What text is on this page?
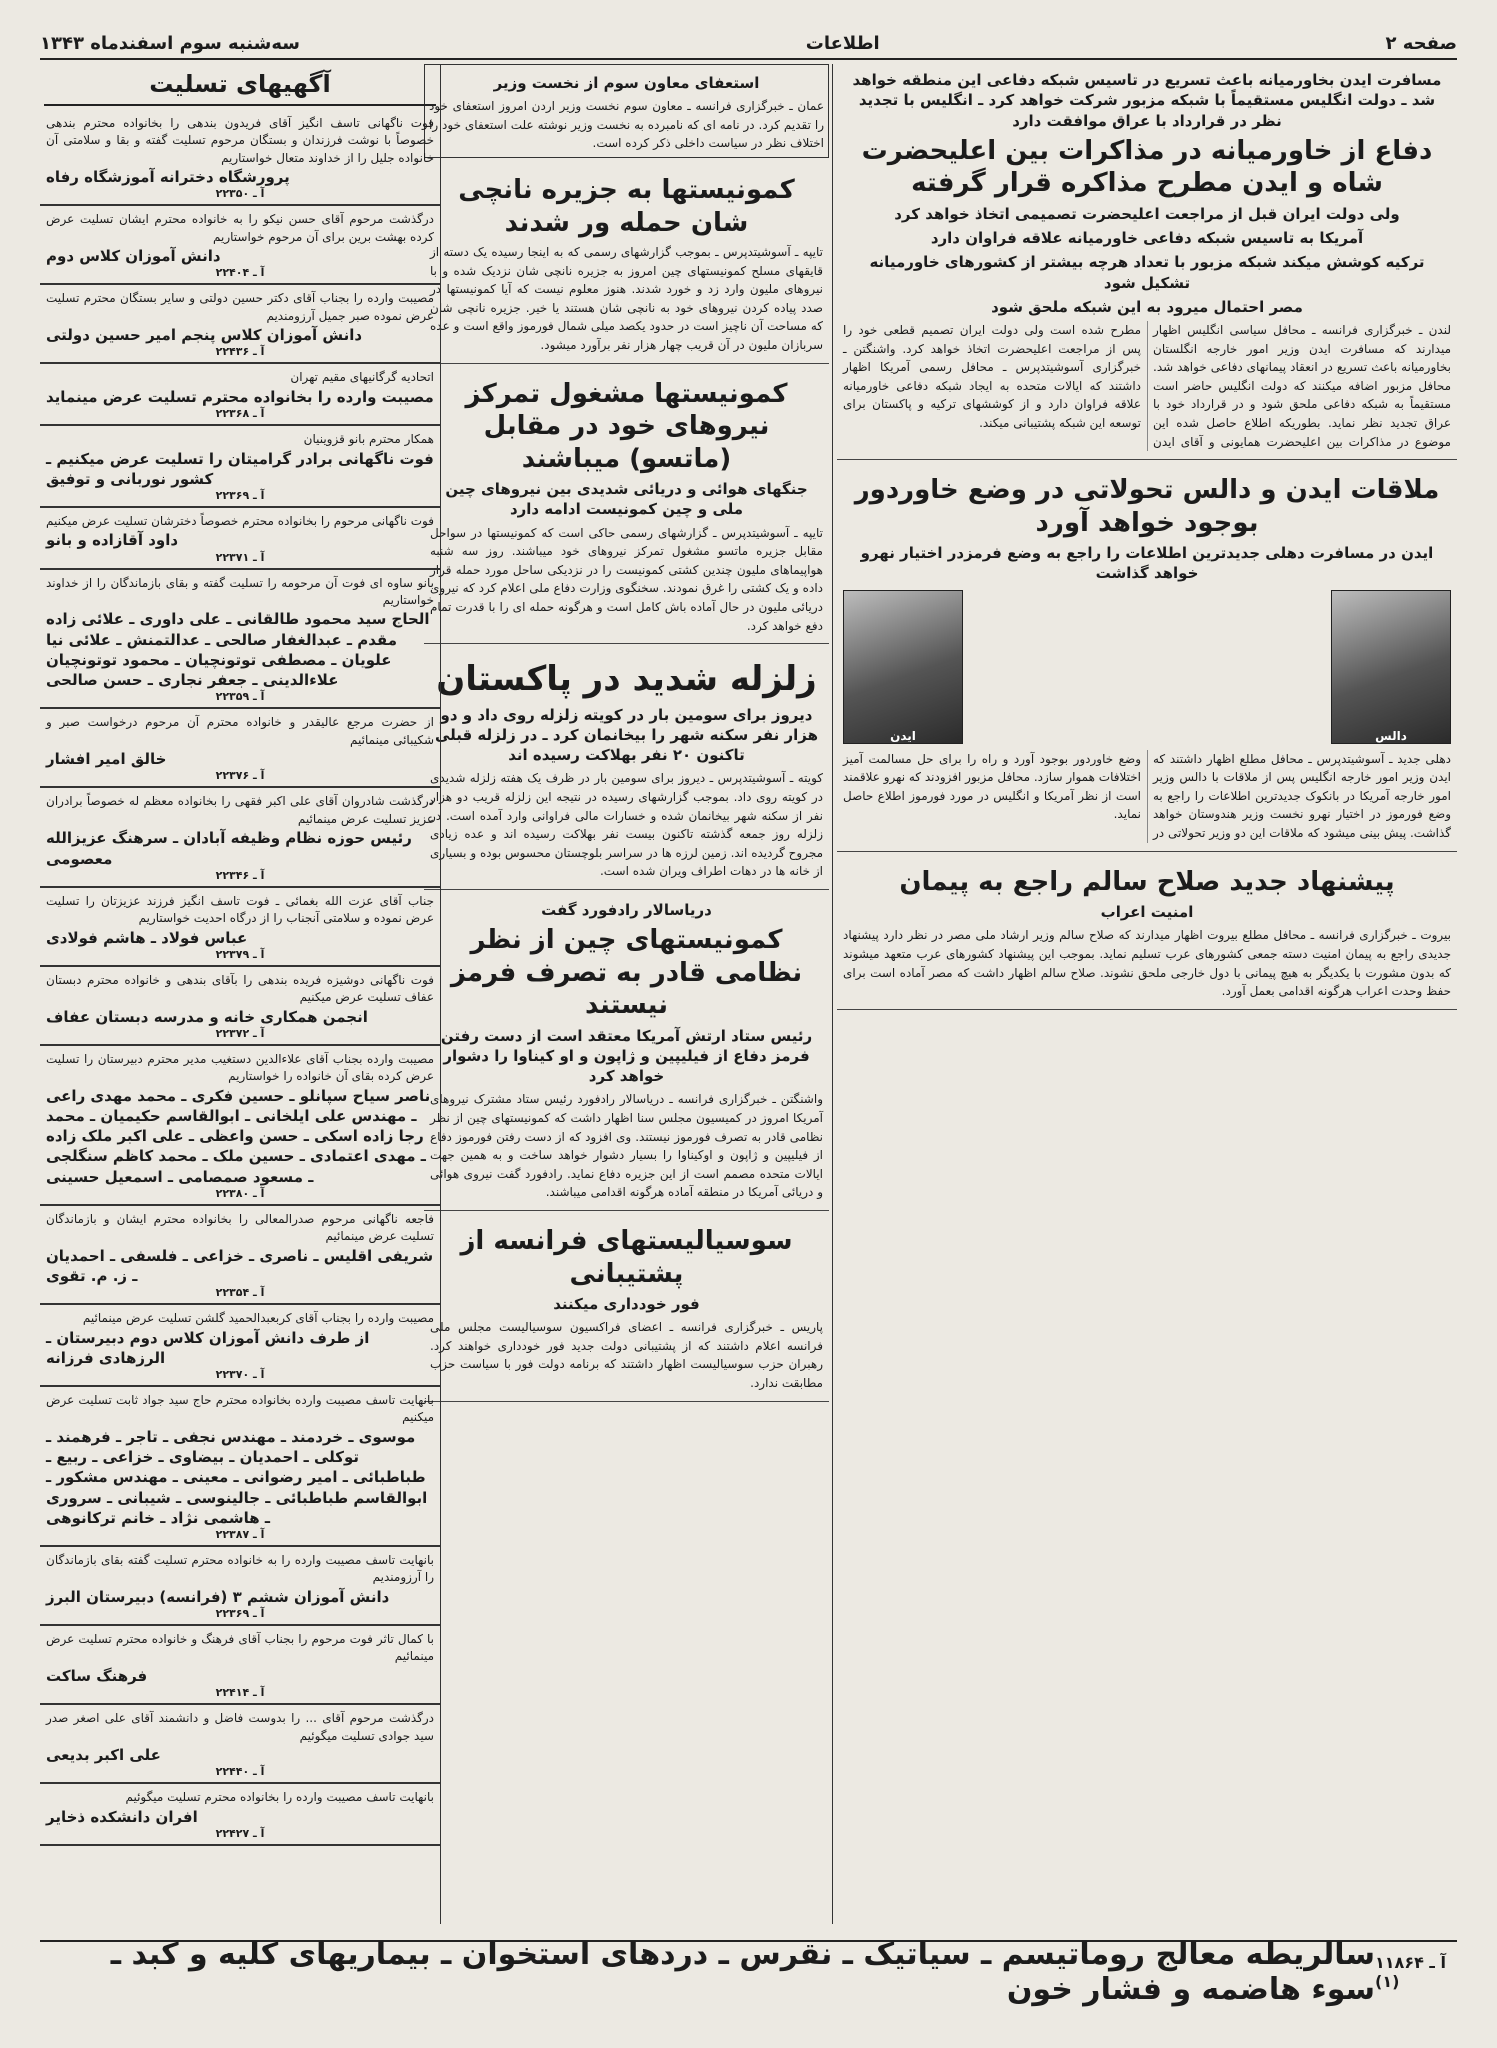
صفحه ۲
اطلاعات
سه‌شنبه سوم اسفندماه ۱۳۴۳
مسافرت ایدن بخاورمیانه باعث تسریع در تاسیس شبکه دفاعی این منطقه خواهد شد ـ دولت انگلیس مستقیماً با شبکه مزبور شرکت خواهد کرد ـ انگلیس با تجدید نظر در قرارداد با عراق موافقت دارد
دفاع از خاورمیانه در مذاکرات بین اعلیحضرت شاه و ایدن مطرح مذاکره قرار گرفته
ولی دولت ایران قبل از مراجعت اعلیحضرت تصمیمی اتخاذ خواهد کرد
آمریکا به تاسیس شبکه دفاعی خاورمیانه علاقه فراوان دارد
ترکیه کوشش میکند شبکه مزبور با تعداد هرچه بیشتر از کشورهای خاورمیانه تشکیل شود
مصر احتمال میرود به این شبکه ملحق شود
لندن ـ خبرگزاری فرانسه ـ محافل سیاسی انگلیس اظهار میدارند که مسافرت ایدن وزیر امور خارجه انگلستان بخاورمیانه باعث تسریع در انعقاد پیمانهای دفاعی خواهد شد. محافل مزبور اضافه میکنند که دولت انگلیس حاضر است مستقیماً به شبکه دفاعی ملحق شود و در قرارداد خود با عراق تجدید نظر نماید. بطوریکه اطلاع حاصل شده این موضوع در مذاکرات بین اعلیحضرت همایونی و آقای ایدن مطرح شده است ولی دولت ایران تصمیم قطعی خود را پس از مراجعت اعلیحضرت اتخاذ خواهد کرد. واشنگتن ـ خبرگزاری آسوشیتدپرس ـ محافل رسمی آمریکا اظهار داشتند که ایالات متحده به ایجاد شبکه دفاعی خاورمیانه علاقه فراوان دارد و از کوششهای ترکیه و پاکستان برای توسعه این شبکه پشتیبانی میکند.
ملاقات ایدن و دالس تحولاتی در وضع خاوردور بوجود خواهد آورد
ایدن در مسافرت دهلی جدیدترین اطلاعات را راجع به وضع فرمزدر اختیار نهرو خواهد گذاشت
دالس
ایدن
دهلی جدید ـ آسوشیتدپرس ـ محافل مطلع اظهار داشتند که ایدن وزیر امور خارجه انگلیس پس از ملاقات با دالس وزیر امور خارجه آمریکا در بانکوک جدیدترین اطلاعات را راجع به وضع فورموز در اختیار نهرو نخست وزیر هندوستان خواهد گذاشت. پیش بینی میشود که ملاقات این دو وزیر تحولاتی در وضع خاوردور بوجود آورد و راه را برای حل مسالمت آمیز اختلافات هموار سازد. محافل مزبور افزودند که نهرو علاقمند است از نظر آمریکا و انگلیس در مورد فورموز اطلاع حاصل نماید.
پیشنهاد جدید صلاح سالم راجع به پیمان
امنیت اعراب
بیروت ـ خبرگزاری فرانسه ـ محافل مطلع بیروت اظهار میدارند که صلاح سالم وزیر ارشاد ملی مصر در نظر دارد پیشنهاد جدیدی راجع به پیمان امنیت دسته جمعی کشورهای عرب تسلیم نماید. بموجب این پیشنهاد کشورهای عرب متعهد میشوند که بدون مشورت با یکدیگر به هیچ پیمانی با دول خارجی ملحق نشوند. صلاح سالم اظهار داشت که مصر آماده است برای حفظ وحدت اعراب هرگونه اقدامی بعمل آورد.
استعفای معاون سوم از نخست وزیر
عمان ـ خبرگزاری فرانسه ـ معاون سوم نخست وزیر اردن امروز استعفای خود را تقدیم کرد. در نامه ای که نامبرده به نخست وزیر نوشته علت استعفای خود را اختلاف نظر در سیاست داخلی ذکر کرده است.
کمونیستها به جزیره نانچی شان حمله ور شدند
تایپه ـ آسوشیتدپرس ـ بموجب گزارشهای رسمی که به اینجا رسیده یک دسته از قایقهای مسلح کمونیستهای چین امروز به جزیره نانچی شان نزدیک شده و با نیروهای ملیون وارد زد و خورد شدند. هنوز معلوم نیست که آیا کمونیستها در صدد پیاده کردن نیروهای خود به نانچی شان هستند یا خیر. جزیره نانچی شان که مساحت آن ناچیز است در حدود یکصد میلی شمال فورموز واقع است و عده سربازان ملیون در آن قریب چهار هزار نفر برآورد میشود.
کمونیستها مشغول تمرکز نیروهای خود در مقابل (ماتسو) میباشند
جنگهای هوائی و دریائی شدیدی بین نیروهای چین ملی و چین کمونیست ادامه دارد
تایپه ـ آسوشیتدپرس ـ گزارشهای رسمی حاکی است که کمونیستها در سواحل مقابل جزیره ماتسو مشغول تمرکز نیروهای خود میباشند. روز سه شنبه هواپیماهای ملیون چندین کشتی کمونیست را در نزدیکی ساحل مورد حمله قرار داده و یک کشتی را غرق نمودند. سخنگوی وزارت دفاع ملی اعلام کرد که نیروی دریائی ملیون در حال آماده باش کامل است و هرگونه حمله ای را با قدرت تمام دفع خواهد کرد.
زلزله شدید در پاکستان
دیروز برای سومین بار در کویته زلزله روی داد و دو هزار نفر سکنه شهر را بیخانمان کرد ـ در زلزله قبلی تاکنون ۲۰ نفر بهلاکت رسیده اند
کویته ـ آسوشیتدپرس ـ دیروز برای سومین بار در ظرف یک هفته زلزله شدیدی در کویته روی داد. بموجب گزارشهای رسیده در نتیجه این زلزله قریب دو هزار نفر از سکنه شهر بیخانمان شده و خسارات مالی فراوانی وارد آمده است. در زلزله روز جمعه گذشته تاکنون بیست نفر بهلاکت رسیده اند و عده زیادی مجروح گردیده اند. زمین لرزه ها در سراسر بلوچستان محسوس بوده و بسیاری از خانه ها در دهات اطراف ویران شده است.
دریاسالار رادفورد گفت
کمونیستهای چین از نظر نظامی قادر به تصرف فرمز نیستند
رئیس ستاد ارتش آمریکا معتقد است از دست رفتن فرمز دفاع از فیلیپین و ژاپون و او کیناوا را دشوار خواهد کرد
واشنگتن ـ خبرگزاری فرانسه ـ دریاسالار رادفورد رئیس ستاد مشترک نیروهای آمریکا امروز در کمیسیون مجلس سنا اظهار داشت که کمونیستهای چین از نظر نظامی قادر به تصرف فورموز نیستند. وی افزود که از دست رفتن فورموز دفاع از فیلیپین و ژاپون و اوکیناوا را بسیار دشوار خواهد ساخت و به همین جهت ایالات متحده مصمم است از این جزیره دفاع نماید. رادفورد گفت نیروی هوائی و دریائی آمریکا در منطقه آماده هرگونه اقدامی میباشند.
سوسیالیستهای فرانسه از پشتیبانی
فور خودداری میکنند
پاریس ـ خبرگزاری فرانسه ـ اعضای فراکسیون سوسیالیست مجلس ملی فرانسه اعلام داشتند که از پشتیبانی دولت جدید فور خودداری خواهند کرد. رهبران حزب سوسیالیست اظهار داشتند که برنامه دولت فور با سیاست حزب مطابقت ندارد.
آگهیهای تسلیت
فوت ناگهانی تاسف انگیز آقای فریدون بندهی را بخانواده محترم بندهی خصوصاً با نوشت فرزندان و بستگان مرحوم تسلیت گفته و بقا و سلامتی آن خانواده جلیل را از خداوند متعال خواستاریم
پرورشگاه دخترانه آموزشگاه رفاه
آ ـ ۲۲۳۵۰
درگذشت مرحوم آقای حسن نیکو را به خانواده محترم ایشان تسلیت عرض کرده بهشت برین برای آن مرحوم خواستاریم
دانش آموزان کلاس دوم
آ ـ ۲۲۴۰۴
مصیبت وارده را بجناب آقای دکتر حسین دولتی و سایر بستگان محترم تسلیت عرض نموده صبر جمیل آرزومندیم
دانش آموزان کلاس پنجم امیر حسین دولتی
آ ـ ۲۲۴۳۶
اتحادیه گرگانیهای مقیم تهران
مصیبت وارده را بخانواده محترم تسلیت عرض مینماید
آ ـ ۲۲۳۶۸
همکار محترم بانو قزوینیان
فوت ناگهانی برادر گرامیتان را تسلیت عرض میکنیم ـ کشور نوربانی و توفیق
آ ـ ۲۲۳۶۹
فوت ناگهانی مرحوم را بخانواده محترم خصوصاً دخترشان تسلیت عرض میکنیم
داود آقازاده و بانو
آ ـ ۲۲۳۷۱
بانو ساوه ای فوت آن مرحومه را تسلیت گفته و بقای بازماندگان را از خداوند خواستاریم
الحاج سید محمود طالقانی ـ علی داوری ـ علائی زاده مقدم ـ عبدالغفار صالحی ـ عدالتمنش ـ علائی نیا علویان ـ مصطفی توتونچیان ـ محمود توتونچیان علاءالدینی ـ جعفر نجاری ـ حسن صالحی
آ ـ ۲۲۳۵۹
از حضرت مرجع عالیقدر و خانواده محترم آن مرحوم درخواست صبر و شکیبائی مینمائیم
خالق امیر افشار
آ ـ ۲۲۳۷۶
درگذشت شادروان آقای علی اکبر فقهی را بخانواده معظم له خصوصاً برادران عزیز تسلیت عرض مینمائیم
رئیس حوزه نظام وظیفه آبادان ـ سرهنگ عزیزالله معصومی
آ ـ ۲۲۳۴۶
جناب آقای عزت الله بغمائی ـ فوت تاسف انگیز فرزند عزیزتان را تسلیت عرض نموده و سلامتی آنجناب را از درگاه احدیت خواستاریم
عباس فولاد ـ هاشم فولادی
آ ـ ۲۲۳۷۹
فوت ناگهانی دوشیزه فریده بندهی را بآقای بندهی و خانواده محترم دبستان عفاف تسلیت عرض میکنیم
انجمن همکاری خانه و مدرسه دبستان عفاف
آ ـ ۲۲۳۷۲
مصیبت وارده بجناب آقای علاءالدین دستغیب مدیر محترم دبیرستان را تسلیت عرض کرده بقای آن خانواده را خواستاریم
ناصر سیاح سپانلو ـ حسین فکری ـ محمد مهدی راعی ـ مهندس علی ایلخانی ـ ابوالقاسم حکیمیان ـ محمد رجا زاده اسکی ـ حسن واعظی ـ علی اکبر ملک زاده ـ مهدی اعتمادی ـ حسین ملک ـ محمد کاظم سنگلجی ـ مسعود صمصامی ـ اسمعیل حسینی
آ ـ ۲۲۳۸۰
فاجعه ناگهانی مرحوم صدرالمعالی را بخانواده محترم ایشان و بازماندگان تسلیت عرض مینمائیم
شریفی اقلیس ـ ناصری ـ خزاعی ـ فلسفی ـ احمدیان ـ ز. م. تقوی
آ ـ ۲۲۳۵۴
مصیبت وارده را بجناب آقای کربعبدالحمید گلشن تسلیت عرض مینمائیم
از طرف دانش آموزان کلاس دوم دبیرستان ـ الرزهادی فرزانه
آ ـ ۲۲۳۷۰
بانهایت تاسف مصیبت وارده بخانواده محترم حاج سید جواد ثابت تسلیت عرض میکنیم
موسوی ـ خردمند ـ مهندس نجفی ـ تاجر ـ فرهمند ـ توکلی ـ احمدیان ـ بیضاوی ـ خزاعی ـ ربیع ـ طباطبائی ـ امیر رضوانی ـ معینی ـ مهندس مشکور ـ ابوالقاسم طباطبائی ـ جالینوسی ـ شیبانی ـ سروری ـ هاشمی نژاد ـ خانم ترکانوهی
آ ـ ۲۲۳۸۷
بانهایت تاسف مصیبت وارده را به خانواده محترم تسلیت گفته بقای بازماندگان را آرزومندیم
دانش آموزان ششم ۳ (فرانسه) دبیرستان البرز
آ ـ ۲۲۳۶۹
با کمال تاثر فوت مرحوم را بجناب آقای فرهنگ و خانواده محترم تسلیت عرض مینمائیم
فرهنگ ساکت
آ ـ ۲۲۴۱۴
درگذشت مرحوم آقای ... را بدوست فاضل و دانشمند آقای علی اصغر صدر سید جوادی تسلیت میگوئیم
علی اکبر بدیعی
آ ـ ۲۲۴۴۰
بانهایت تاسف مصیبت وارده را بخانواده محترم تسلیت میگوئیم
افران دانشکده ذخایر
آ ـ ۲۲۴۲۷
آ ـ ۱۱۸۶۴ (۱)
سالریطه معالج روماتیسم ـ سیاتیک ـ نقرس ـ دردهای استخوان ـ بیماریهای کلیه و کبد ـ سوء هاضمه و فشار خون
